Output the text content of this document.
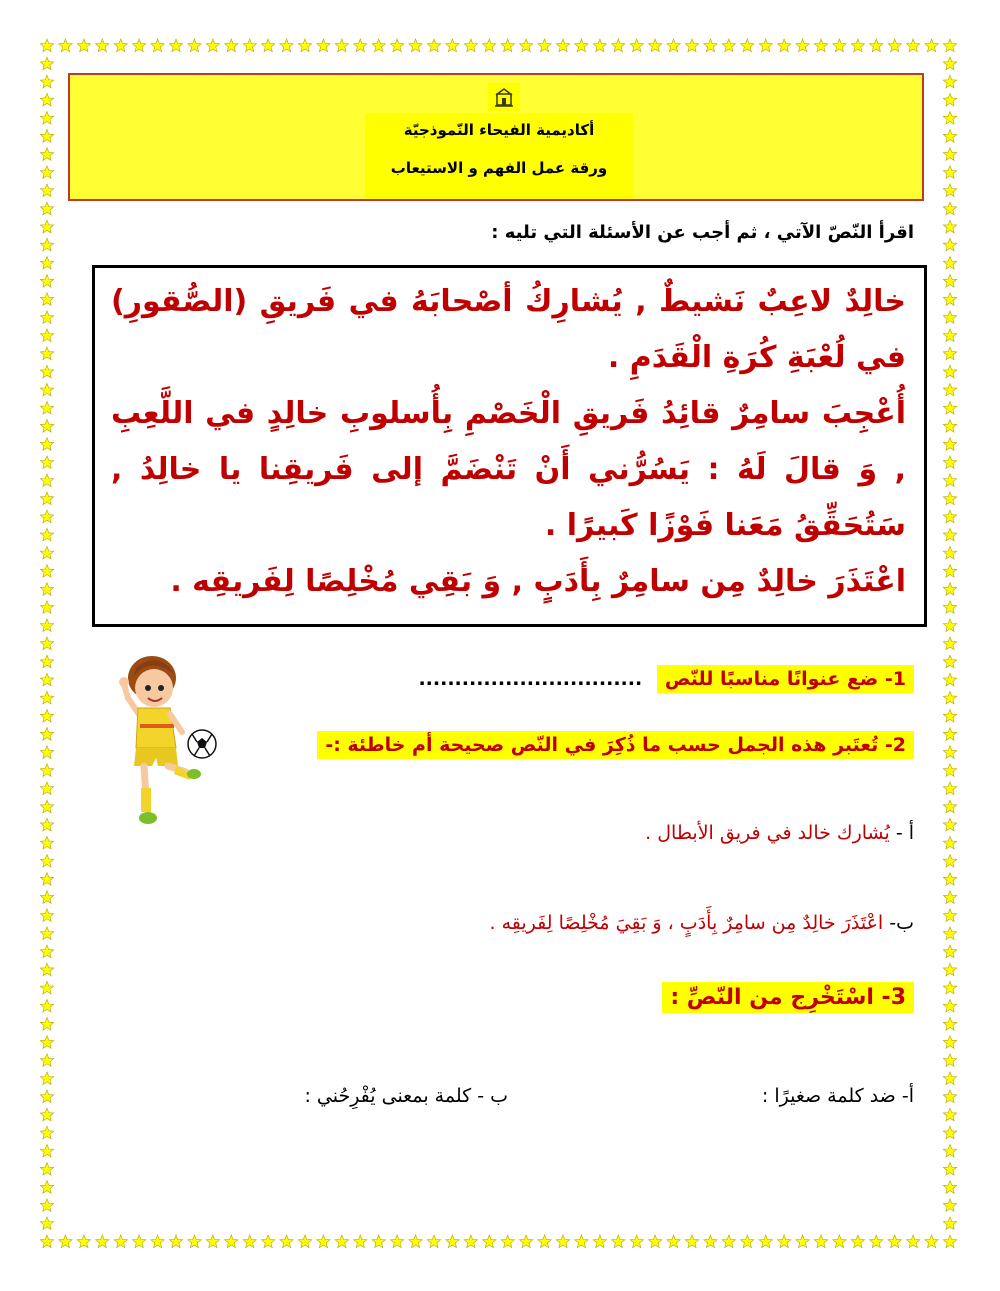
أكاديمية الفيحاء النّموذجيّة
ورقة عمل الفهم و الاستيعاب
اقرأ النّصّ الآتي ، ثم أجب عن الأسئلة التي تليه :

خالِدٌ لاعِبٌ نَشيطٌ , يُشارِكُ أصْحابَهُ في فَريقِ (الصُّقورِ) في لُعْبَةِ كُرَةِ الْقَدَمِ .

أُعْجِبَ سامِرٌ قائِدُ فَريقِ الْخَصْمِ بِأُسلوبِ خالِدٍ في اللَّعِبِ , وَ قالَ لَهُ : يَسُرُّني أَنْ تَنْضَمَّ إلى فَريقِنا يا خالِدُ , سَتُحَقِّقُ مَعَنا فَوْزًا كَبيرًا .

اعْتَذَرَ خالِدٌ مِن سامِرٌ بِأَدَبٍ , وَ بَقِي مُخْلِصًا لِفَريقِه .

1- ضع عنوانًا مناسبًا للنّص ...............................
2- تُعتَبر هذه الجمل حسب ما ذُكِرَ في النّص صحيحة أم خاطئة :-
أ - يُشارك خالد في فريق الأبطال .
ب- اعْتَذَرَ خالِدٌ مِن سامِرٌ بِأَدَبٍ ، وَ بَقِيَ مُخْلِصًا لِفَريقِه .
3- اسْتَخْرِج من النّصِّ :
أ- ضد كلمة صغيرًا :
ب - كلمة بمعنى يُفْرِحُني :
